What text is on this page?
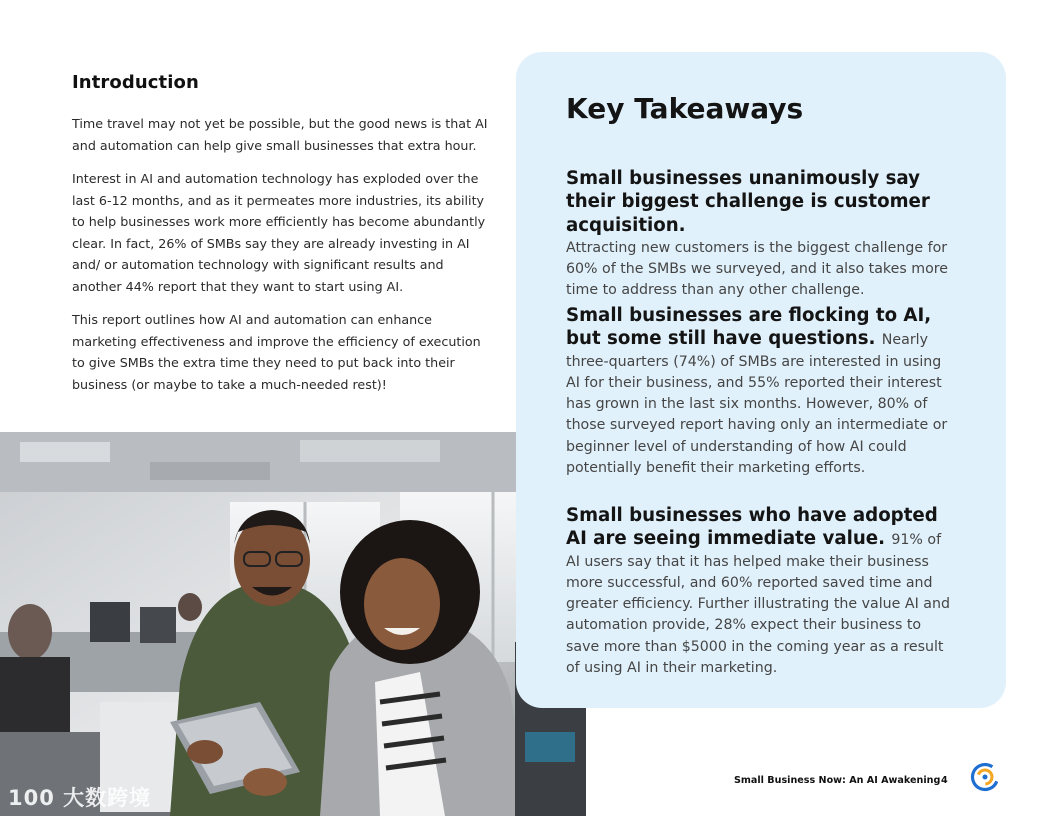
Introduction

Time travel may not yet be possible, but the good news is that AI and automation can help give small businesses that extra hour.

Interest in AI and automation technology has exploded over the last 6-12 months, and as it permeates more industries, its ability to help businesses work more efficiently has become abundantly clear. In fact, 26% of SMBs say they are already investing in AI and/ or automation technology with significant results and another 44% report that they want to start using AI.

This report outlines how AI and automation can enhance marketing effectiveness and improve the efficiency of execution to give SMBs the extra time they need to put back into their business (or maybe to take a much-needed rest)!

Key Takeaways
Small businesses unanimously say their biggest challenge is customer acquisition.
Attracting new customers is the biggest challenge for 60% of the SMBs we surveyed, and it also takes more time to address than any other challenge.
Small businesses are flocking to AI, but some still have questions. Nearly three-quarters (74%) of SMBs are interested in using AI for their business, and 55% reported their interest has grown in the last six months. However, 80% of those surveyed report having only an intermediate or beginner level of understanding of how AI could potentially benefit their marketing efforts.
Small businesses who have adopted AI are seeing immediate value. 91% of AI users say that it has helped make their business more successful, and 60% reported saved time and greater efficiency. Further illustrating the value AI and automation provide, 28% expect their business to save more than $5000 in the coming year as a result of using AI in their marketing.
Small Business Now: An AI Awakening 4
100 大数跨境
